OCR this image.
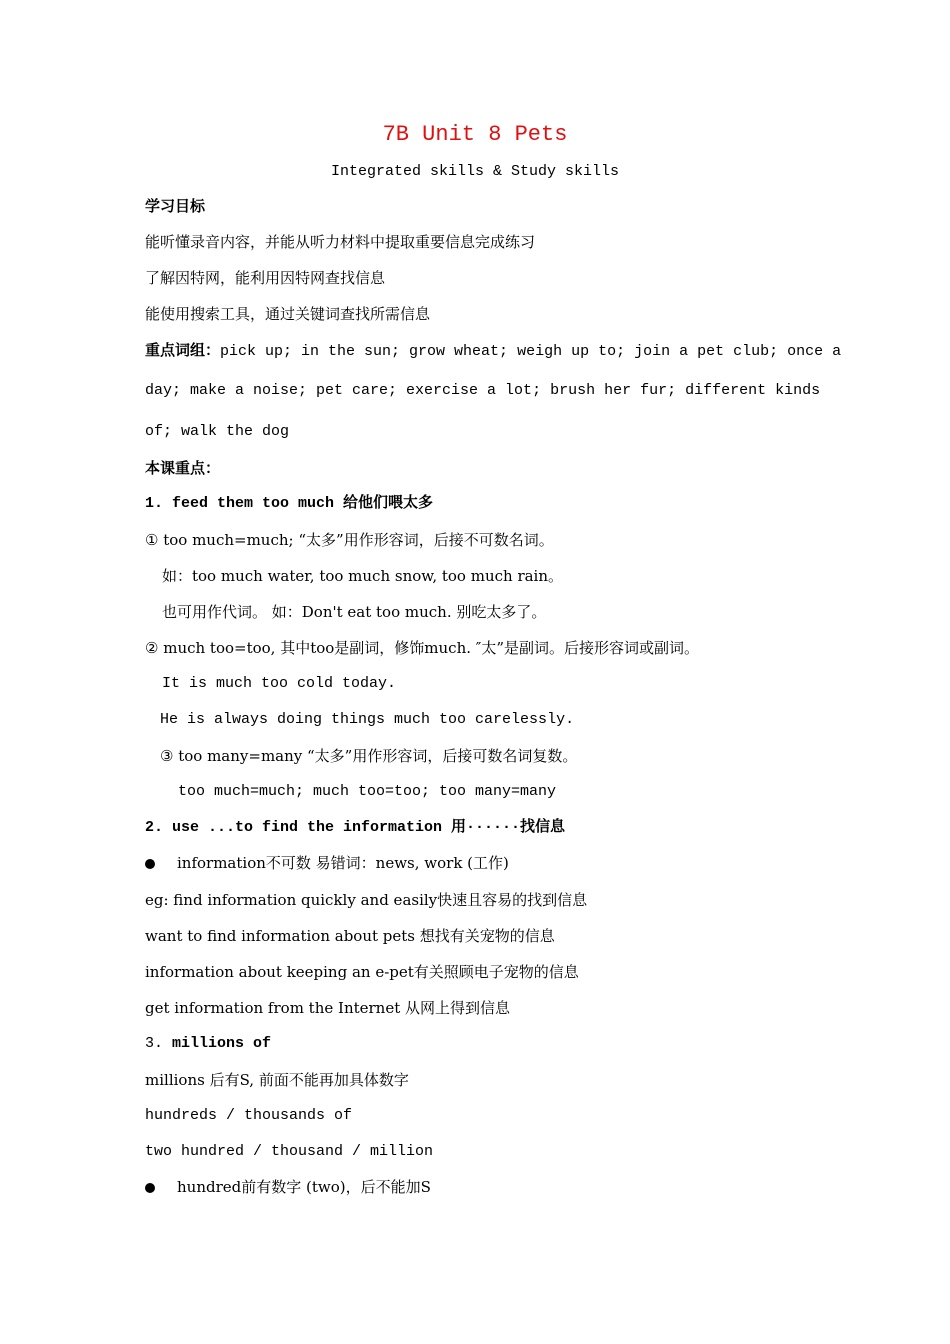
7B Unit 8 Pets
Integrated skills & Study skills
学习目标
能听懂录音内容，并能从听力材料中提取重要信息完成练习
了解因特网，能利用因特网查找信息
能使用搜索工具，通过关键词查找所需信息
重点词组：pick up; in the sun; grow wheat; weigh up to; join a pet club; once a
day; make a noise; pet care; exercise a lot; brush her fur; different kinds
of; walk the dog
本课重点：
1. feed them too much 给他们喂太多
① too much=much; “太多”用作形容词，后接不可数名词。
如：too much water, too much snow, too much rain。
也可用作代词。 如：Don't eat too much. 别吃太多了。
② much too=too, 其中too是副词，修饰much. ″太”是副词。后接形容词或副词。
It is much too cold today.
He is always doing things much too carelessly.
③ too many=many “太多”用作形容词，后接可数名词复数。
too much=much; much too=too; too many=many
2. use ...to find the information 用······找信息
information不可数 易错词：news, work (工作)
eg: find information quickly and easily快速且容易的找到信息
want to find information about pets 想找有关宠物的信息
information about keeping an e-pet有关照顾电子宠物的信息
get information from the Internet 从网上得到信息
3. millions of
millions 后有S, 前面不能再加具体数字
hundreds / thousands of
two hundred / thousand / million
hundred前有数字 (two)，后不能加S
